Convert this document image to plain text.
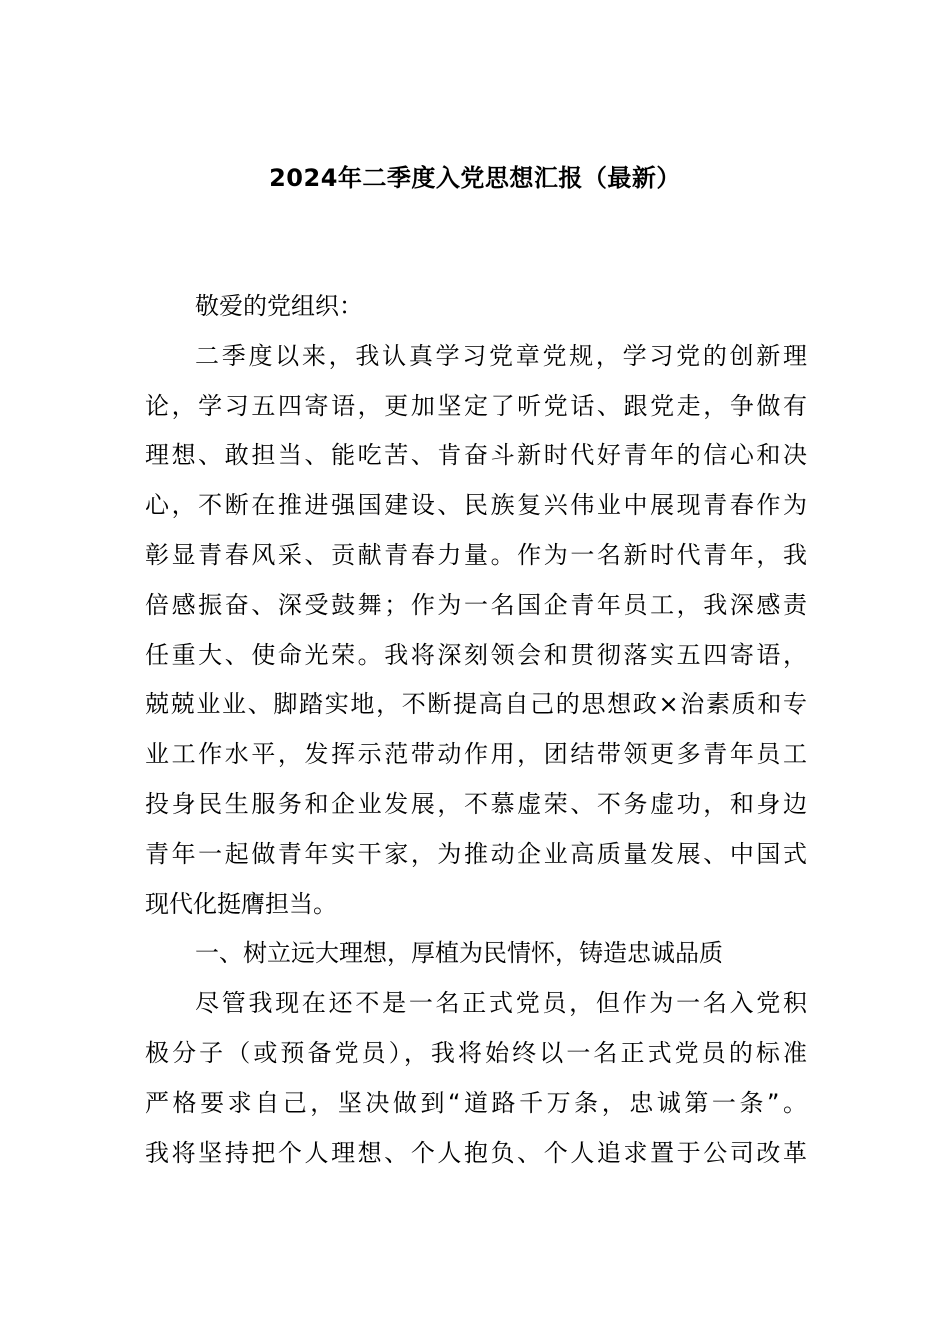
2024年二季度入党思想汇报（最新）
敬爱的党组织：
二季度以来，我认真学习党章党规，学习党的创新理
论，学习五四寄语，更加坚定了听党话、跟党走，争做有
理想、敢担当、能吃苦、肯奋斗新时代好青年的信心和决
心，不断在推进强国建设、民族复兴伟业中展现青春作为
彰显青春风采、贡献青春力量。作为一名新时代青年，我
倍感振奋、深受鼓舞；作为一名国企青年员工，我深感责
任重大、使命光荣。我将深刻领会和贯彻落实五四寄语，
兢兢业业、脚踏实地，不断提高自己的思想政×治素质和专
业工作水平，发挥示范带动作用，团结带领更多青年员工
投身民生服务和企业发展，不慕虚荣、不务虚功，和身边
青年一起做青年实干家，为推动企业高质量发展、中国式
现代化挺膺担当。
一、树立远大理想，厚植为民情怀，铸造忠诚品质
尽管我现在还不是一名正式党员，但作为一名入党积
极分子（或预备党员），我将始终以一名正式党员的标准
严格要求自己，坚决做到“道路千万条，忠诚第一条”。
我将坚持把个人理想、个人抱负、个人追求置于公司改革
